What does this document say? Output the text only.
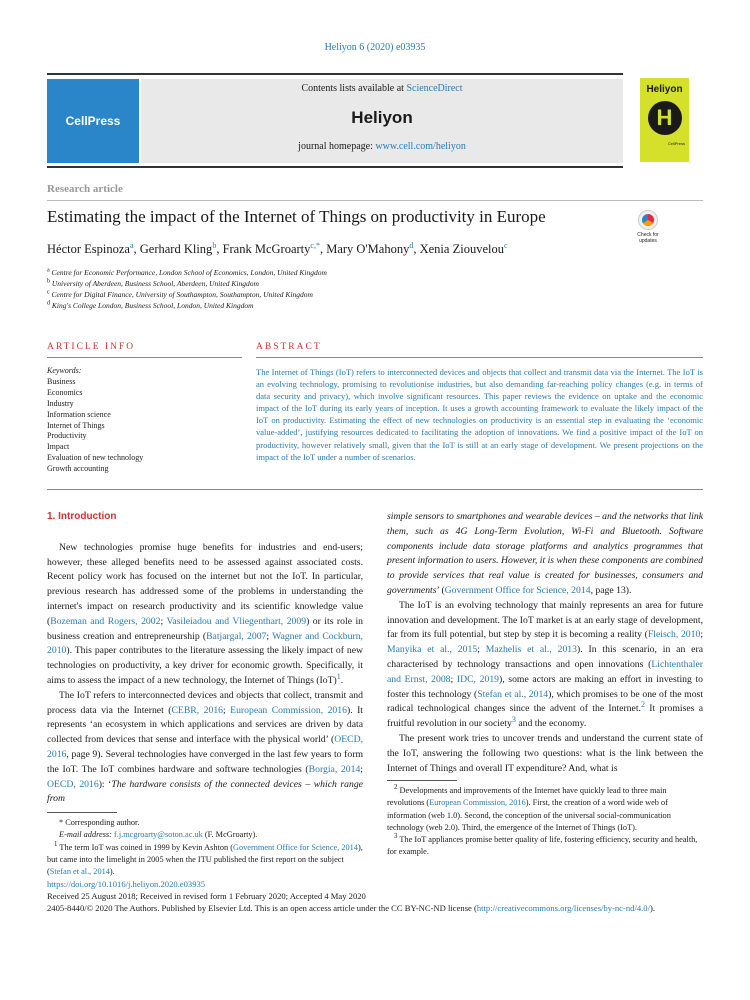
Heliyon 6 (2020) e03935
CellPress
Contents lists available at ScienceDirect
Heliyon
journal homepage: www.cell.com/heliyon
Heliyon
H
CellPress
Research article
Estimating the impact of the Internet of Things on productivity in Europe
Check for
updates
Héctor Espinoza$^a$, Gerhard Kling$^b$, Frank McGroarty$^{c,*}$, Mary O'Mahony$^d$, Xenia Ziouvelou$^c$
$^a$ Centre for Economic Performance, London School of Economics, London, United Kingdom
$^b$ University of Aberdeen, Business School, Aberdeen, United Kingdom
$^c$ Centre for Digital Finance, University of Southampton, Southampton, United Kingdom
$^d$ King's College London, Business School, London, United Kingdom
ARTICLE INFO	ABSTRACT
Keywords:
Business
Economics
Industry
Information science
Internet of Things
Productivity
Impact
Evaluation of new technology
Growth accounting
The Internet of Things (IoT) refers to interconnected devices and objects that collect and transmit data via the Internet. The IoT is an evolving technology, promising to revolutionise industries, but also demanding far-reaching policy changes (e.g. in terms of data security and privacy), which involve significant resources. This paper reviews the evidence on uptake and the economic impact of the IoT during its early years of inception. It uses a growth accounting framework to evaluate the likely impact of the IoT on productivity. Estimating the effect of new technologies on productivity is an essential step in evaluating the ‘economic value-added’, justifying resources dedicated to facilitating the adoption of innovations. We find a positive impact of the IoT on productivity, however relatively small, given that the IoT is still at an early stage of development. We present projections on the impact of the IoT under a number of scenarios.
1. Introduction

New technologies promise huge benefits for industries and end-users; however, these alleged benefits need to be assessed against associated costs. Recent policy work has focused on the internet but not the IoT. In particular, previous research has addressed some of the problems in understanding the internet's impact on research productivity and its scientific knowledge value (Bozeman and Rogers, 2002; Vasileiadou and Vliegenthart, 2009) or its role in business creation and entrepreneurship (Batjargal, 2007; Wagner and Cockburn, 2010). This paper contributes to the literature assessing the likely impact of new technologies on productivity, a key driver for economic growth. Specifically, it aims to assess the impact of a new technology, the Internet of Things (IoT)$^1$.

The IoT refers to interconnected devices and objects that collect, transmit and process data via the Internet (CEBR, 2016; European Commission, 2016). It represents ‘an ecosystem in which applications and services are driven by data collected from devices that sense and interface with the physical world’ (OECD, 2016, page 9). Several technologies have converged in the last few years to form the IoT. The IoT combines hardware and software technologies (Borgia, 2014; OECD, 2016): ‘The hardware consists of the connected devices – which range from

* Corresponding author.

E-mail address: f.j.mcgroarty@soton.ac.uk (F. McGroarty).

$^1$ The term IoT was coined in 1999 by Kevin Ashton (Government Office for Science, 2014), but came into the limelight in 2005 when the ITU published the first report on the subject (Stefan et al., 2014).

simple sensors to smartphones and wearable devices – and the networks that link them, such as 4G Long-Term Evolution, Wi-Fi and Bluetooth. Software components include data storage platforms and analytics programmes that present information to users. However, it is when these components are combined to provide services that real value is created for businesses, consumers and governments’ (Government Office for Science, 2014, page 13).

The IoT is an evolving technology that mainly represents an area for future innovation and development. The IoT market is at an early stage of development, far from its full potential, but step by step it is becoming a reality (Fleisch, 2010; Manyika et al., 2015; Mazhelis et al., 2013). In this scenario, in an era characterised by technology transactions and open innovations (Lichtenthaler and Ernst, 2008; IDC, 2019), some actors are making an effort in investing to foster this technology (Stefan et al., 2014), which promises to be one of the most radical technological changes since the advent of the Internet.$^2$ It promises a fruitful revolution in our society$^3$ and the economy.

The present work tries to uncover trends and understand the current state of the IoT, answering the following two questions: what is the link between the Internet of Things and overall IT expenditure? And, what is

$^2$ Developments and improvements of the Internet have quickly lead to three main revolutions (European Commission, 2016). First, the creation of a word wide web of information (web 1.0). Second, the conception of the universal social-communication technology (web 2.0). Third, the emergence of the Internet of Things (IoT).

$^3$ The IoT appliances promise better quality of life, fostering efficiency, security and health, for example.

https://doi.org/10.1016/j.heliyon.2020.e03935
Received 25 August 2018; Received in revised form 1 February 2020; Accepted 4 May 2020
2405-8440/© 2020 The Authors. Published by Elsevier Ltd. This is an open access article under the CC BY-NC-ND license (http://creativecommons.org/licenses/by-nc-nd/4.0/).
